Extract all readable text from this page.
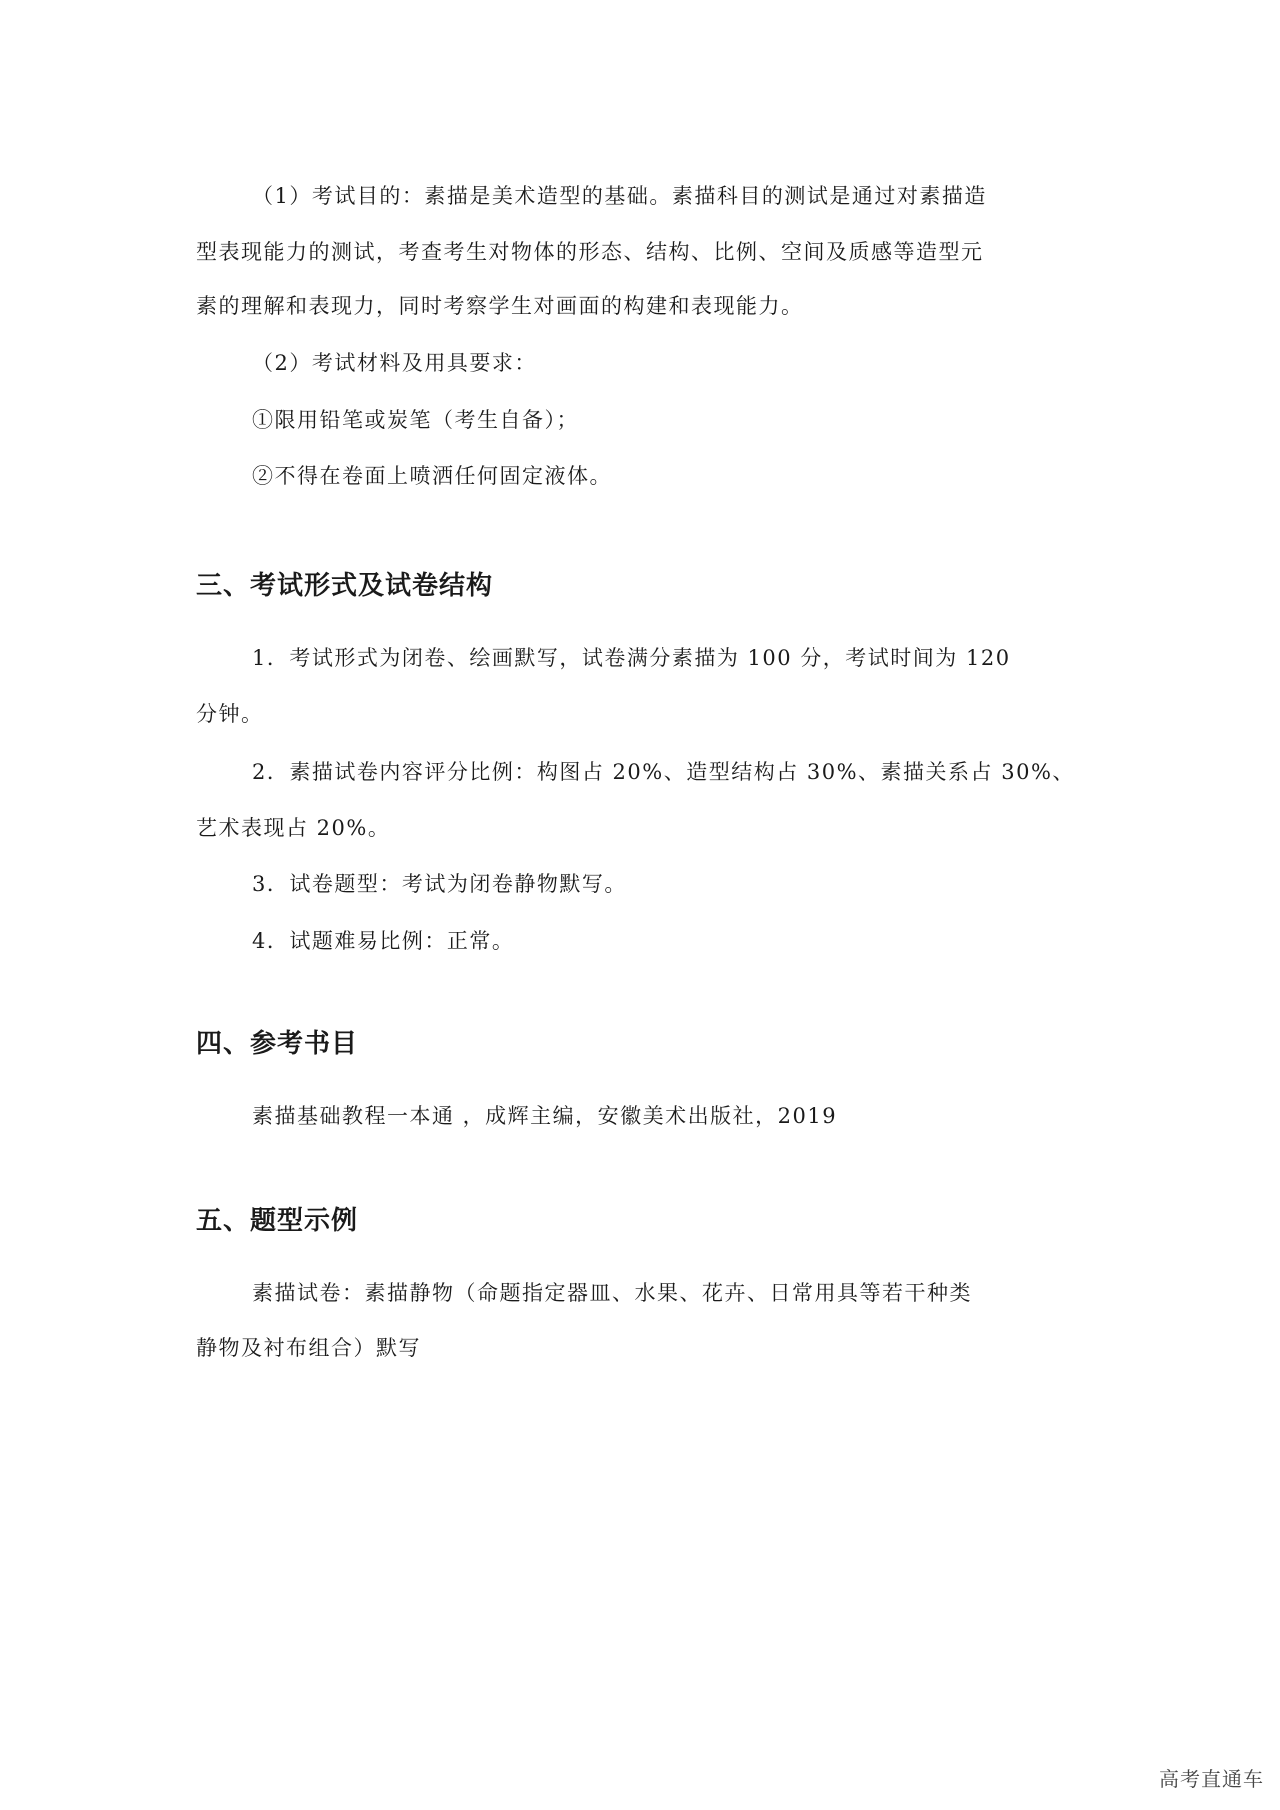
（1）考试目的：素描是美术造型的基础。素描科目的测试是通过对素描造
型表现能力的测试，考查考生对物体的形态、结构、比例、空间及质感等造型元
素的理解和表现力，同时考察学生对画面的构建和表现能力。
（2）考试材料及用具要求：
①限用铅笔或炭笔（考生自备）；
②不得在卷面上喷洒任何固定液体。
三、考试形式及试卷结构
1．考试形式为闭卷、绘画默写，试卷满分素描为 100 分，考试时间为 120
分钟。
2．素描试卷内容评分比例：构图占 20%、造型结构占 30%、素描关系占 30%、
艺术表现占 20%。
3．试卷题型：考试为闭卷静物默写。
4．试题难易比例：正常。
四、参考书目
素描基础教程一本通 ，成辉主编，安徽美术出版社，2019
五、题型示例
素描试卷：素描静物（命题指定器皿、水果、花卉、日常用具等若干种类
静物及衬布组合）默写
高考直通车
